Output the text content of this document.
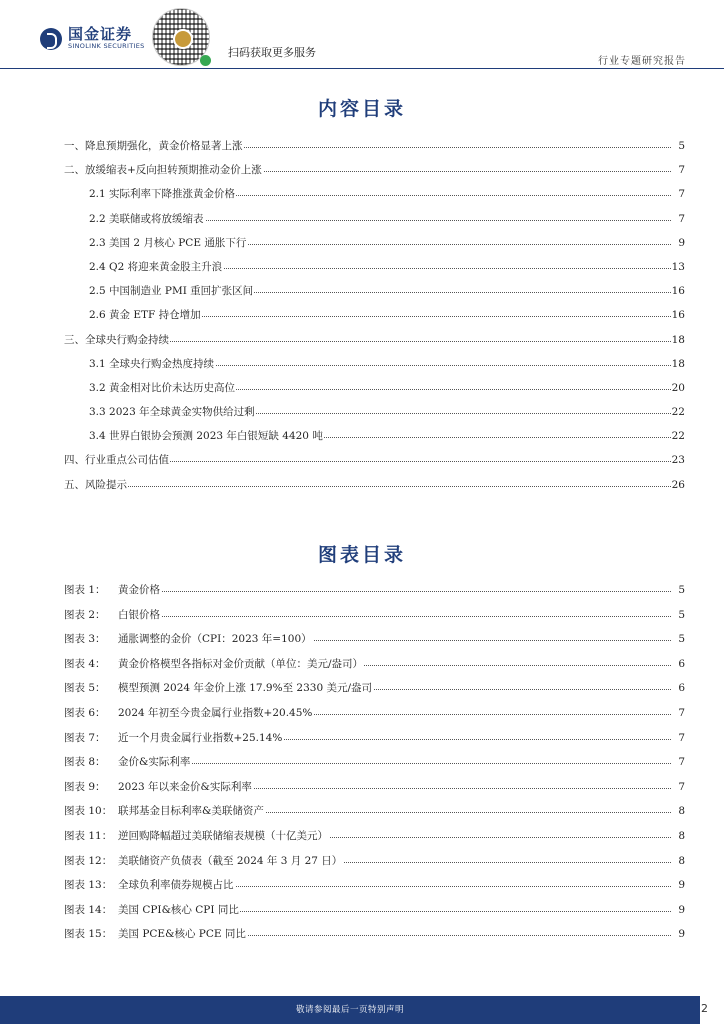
国金证券
SINOLINK SECURITIES	扫码获取更多服务
行业专题研究报告
内容目录
一、降息预期强化，黄金价格显著上涨	5
二、放缓缩表+反向担转预期推动金价上涨	7
2.1 实际利率下降推涨黄金价格	7
2.2 美联储或将放缓缩表	7
2.3 美国 2 月核心 PCE 通胀下行	9
2.4 Q2 将迎来黄金股主升浪	13
2.5 中国制造业 PMI 重回扩张区间	16
2.6 黄金 ETF 持仓增加	16
三、全球央行购金持续	18
3.1 全球央行购金热度持续	18
3.2 黄金相对比价未达历史高位	20
3.3 2023 年全球黄金实物供给过剩	22
3.4 世界白银协会预测 2023 年白银短缺 4420 吨	22
四、行业重点公司估值	23
五、风险提示	26
图表目录
图表 1： 黄金价格	5
图表 2： 白银价格	5
图表 3： 通胀调整的金价（CPI：2023 年=100）	5
图表 4： 黄金价格模型各指标对金价贡献（单位：美元/盎司）	6
图表 5： 模型预测 2024 年金价上涨 17.9%至 2330 美元/盎司	6
图表 6： 2024 年初至今贵金属行业指数+20.45%	7
图表 7： 近一个月贵金属行业指数+25.14%	7
图表 8： 金价&实际利率	7
图表 9： 2023 年以来金价&实际利率	7
图表 10： 联邦基金目标利率&美联储资产	8
图表 11： 逆回购降幅超过美联储缩表规模（十亿美元）	8
图表 12： 美联储资产负债表（截至 2024 年 3 月 27 日）	8
图表 13： 全球负利率债券规模占比	9
图表 14： 美国 CPI&核心 CPI 同比	9
图表 15： 美国 PCE&核心 PCE 同比	9
敬请参阅最后一页特别声明	2
